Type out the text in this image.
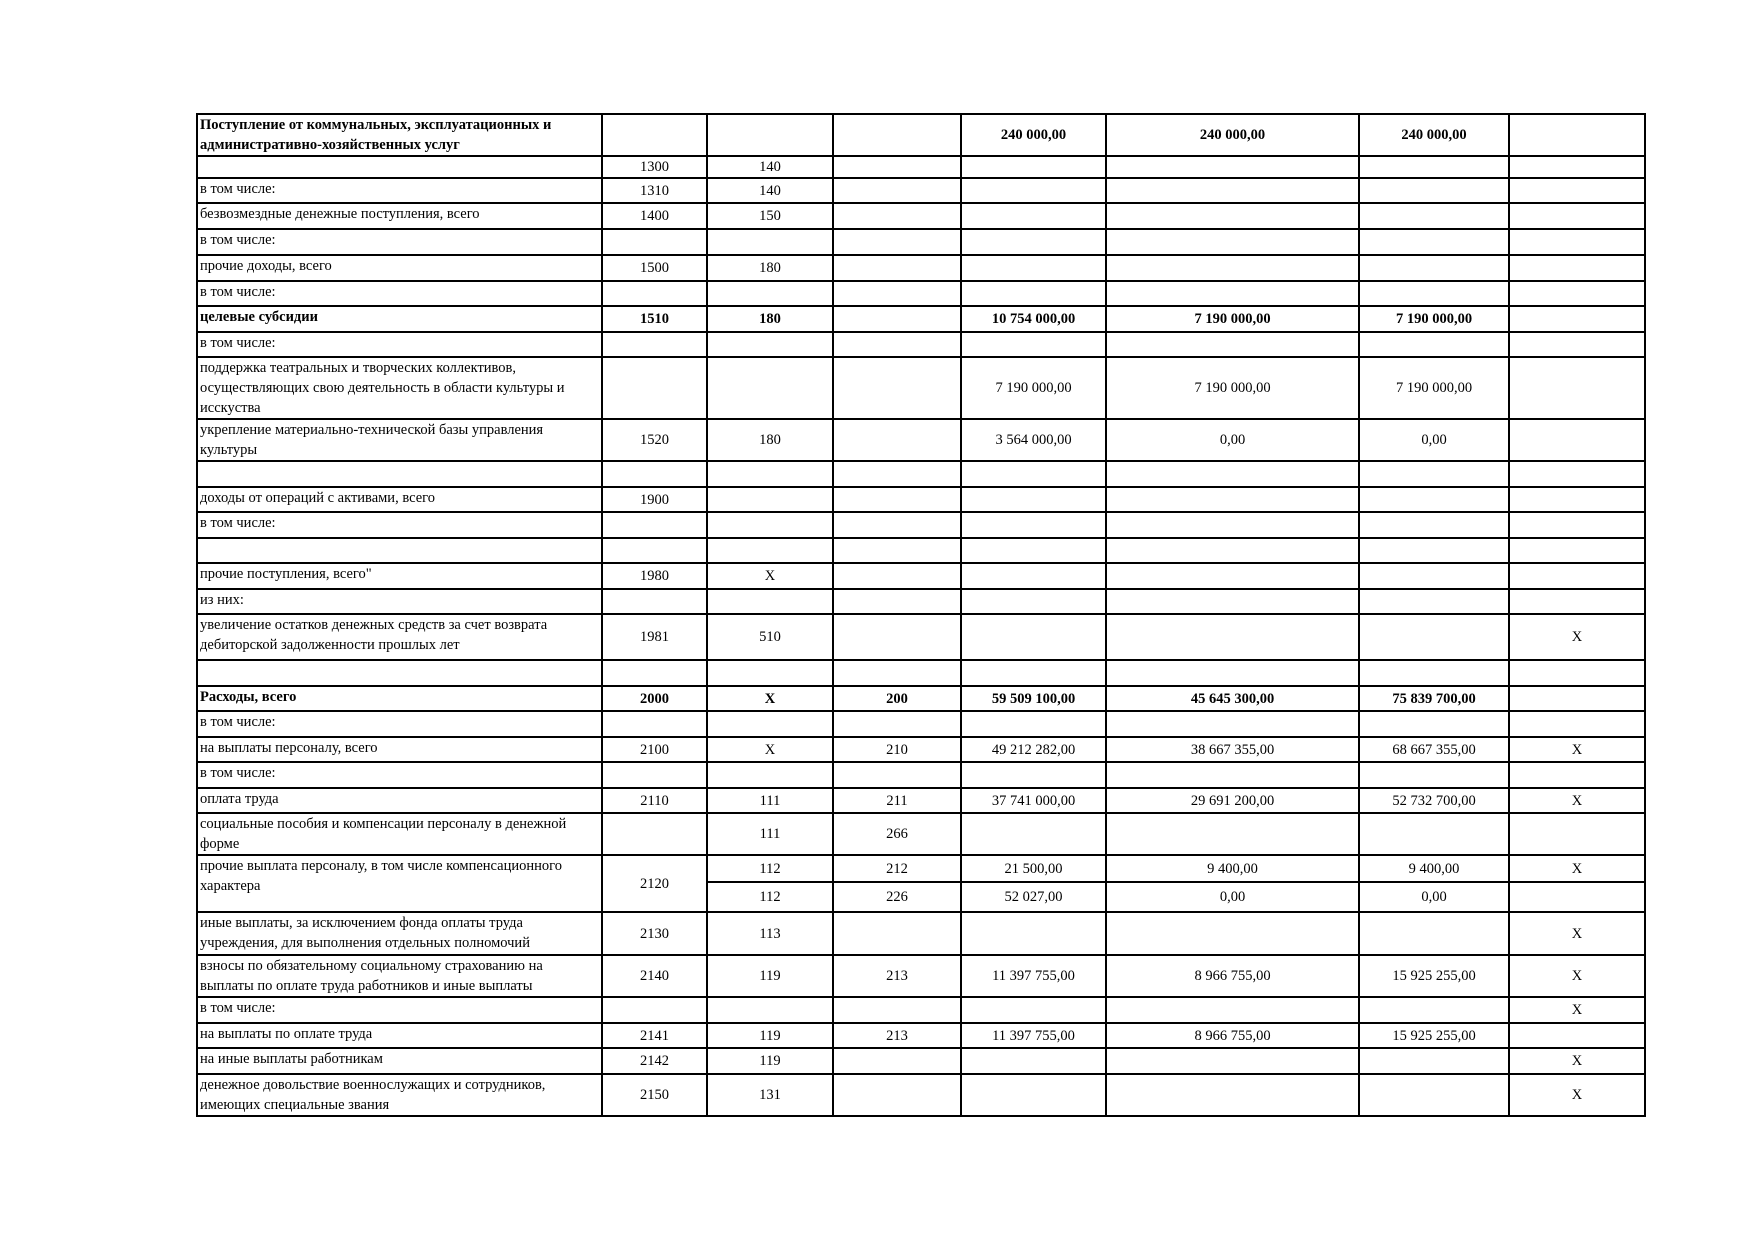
Поступление от коммунальных, эксплуатационных и административно-хозяйственных услуг				240 000,00	240 000,00	240 000,00	
	1300	140					
в том числе:	1310	140					
безвозмездные денежные поступления, всего	1400	150					
в том числе:							
прочие доходы, всего	1500	180					
в том числе:							
целевые субсидии	1510	180		10 754 000,00	7 190 000,00	7 190 000,00	
в том числе:							
поддержка театральных и творческих коллективов, осуществляющих свою деятельность в области культуры и исскуства				7 190 000,00	7 190 000,00	7 190 000,00	
укрепление материально-технической базы управления культуры	1520	180		3 564 000,00	0,00	0,00	

доходы от операций с активами, всего	1900						
в том числе:							

прочие поступления, всего"	1980	X					
из них:							
увеличение остатков денежных средств за счет возврата дебиторской задолженности прошлых лет	1981	510					X

Расходы, всего	2000	X	200	59 509 100,00	45 645 300,00	75 839 700,00	
в том числе:							
на выплаты персоналу, всего	2100	X	210	49 212 282,00	38 667 355,00	68 667 355,00	X
в том числе:							
оплата труда	2110	111	211	37 741 000,00	29 691 200,00	52 732 700,00	X
социальные пособия и компенсации персоналу в денежной форме		111	266				
прочие выплата персоналу, в том числе компенсационного характера	2120	112	212	21 500,00	9 400,00	9 400,00	X
		112	226	52 027,00	0,00	0,00	
иные выплаты, за исключением фонда оплаты труда учреждения, для выполнения отдельных полномочий	2130	113					X
взносы по обязательному социальному страхованию на выплаты по оплате труда работников и иные выплаты	2140	119	213	11 397 755,00	8 966 755,00	15 925 255,00	X
в том числе:							X
на выплаты по оплате труда	2141	119	213	11 397 755,00	8 966 755,00	15 925 255,00	
на иные выплаты работникам	2142	119					X
денежное довольствие военнослужащих и сотрудников, имеющих специальные звания	2150	131					X
